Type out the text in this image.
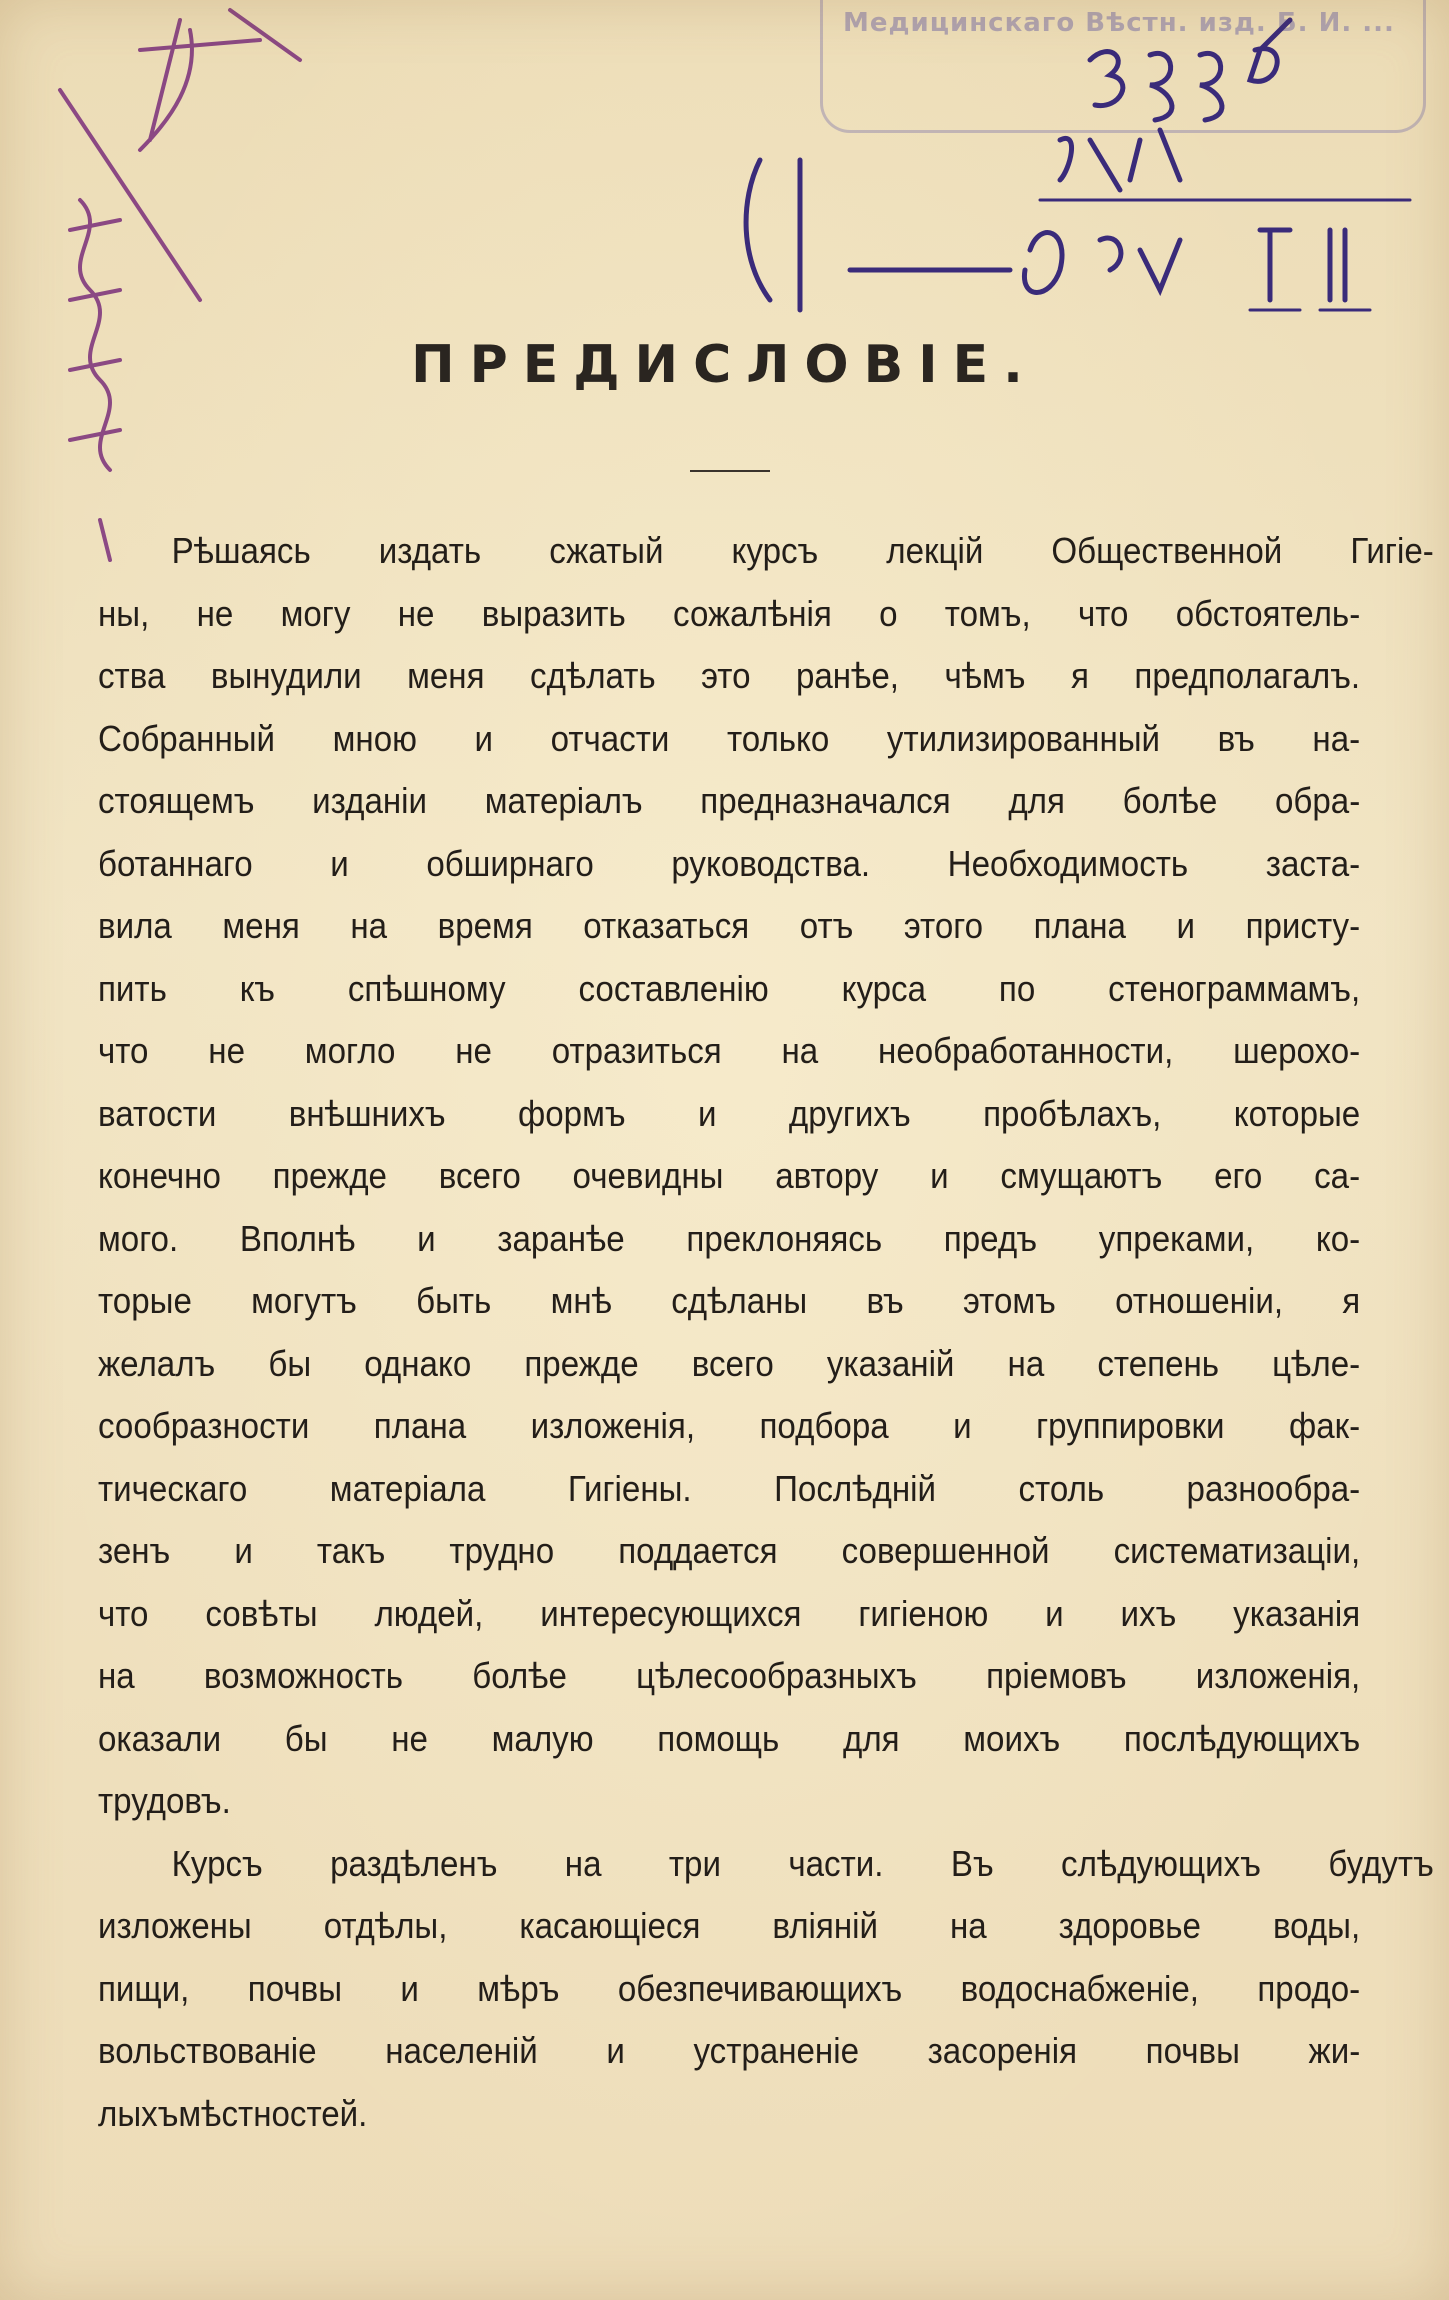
Медицинскаго Вѣстн. изд. Б. И. ...
ПРЕДИСЛОВІЕ.
Рѣшаясь издать сжатый курсъ лекцій Общественной Гигіе-
ны, не могу не выразить сожалѣнія о томъ, что обстоятель-
ства вынудили меня сдѣлать это ранѣе, чѣмъ я предполагалъ.
Собранный мною и отчасти только утилизированный въ на-
стоящемъ изданіи матеріалъ предназначался для болѣе обра-
ботаннаго и обширнаго руководства. Необходимость заста-
вила меня на время отказаться отъ этого плана и присту-
пить къ спѣшному составленію курса по стенограммамъ,
что не могло не отразиться на необработанности, шерохо-
ватости внѣшнихъ формъ и другихъ пробѣлахъ, которые
конечно прежде всего очевидны автору и смущаютъ его са-
мого. Вполнѣ и заранѣе преклоняясь предъ упреками, ко-
торые могутъ быть мнѣ сдѣланы въ этомъ отношеніи, я
желалъ бы однако прежде всего указаній на степень цѣле-
сообразности плана изложенія, подбора и группировки фак-
тическаго матеріала Гигіены. Послѣдній столь разнообра-
зенъ и такъ трудно поддается совершенной систематизаціи,
что совѣты людей, интересующихся гигіеною и ихъ указанія
на возможность болѣе цѣлесообразныхъ пріемовъ изложенія,
оказали бы не малую помощь для моихъ послѣдующихъ
трудовъ.
Курсъ раздѣленъ на три части. Въ слѣдующихъ будутъ
изложены отдѣлы, касающіеся вліяній на здоровье воды,
пищи, почвы и мѣръ обезпечивающихъ водоснабженіе, продо-
вольствованіе населеній и устраненіе засоренія почвы жи-
лыхъ мѣстностей.
